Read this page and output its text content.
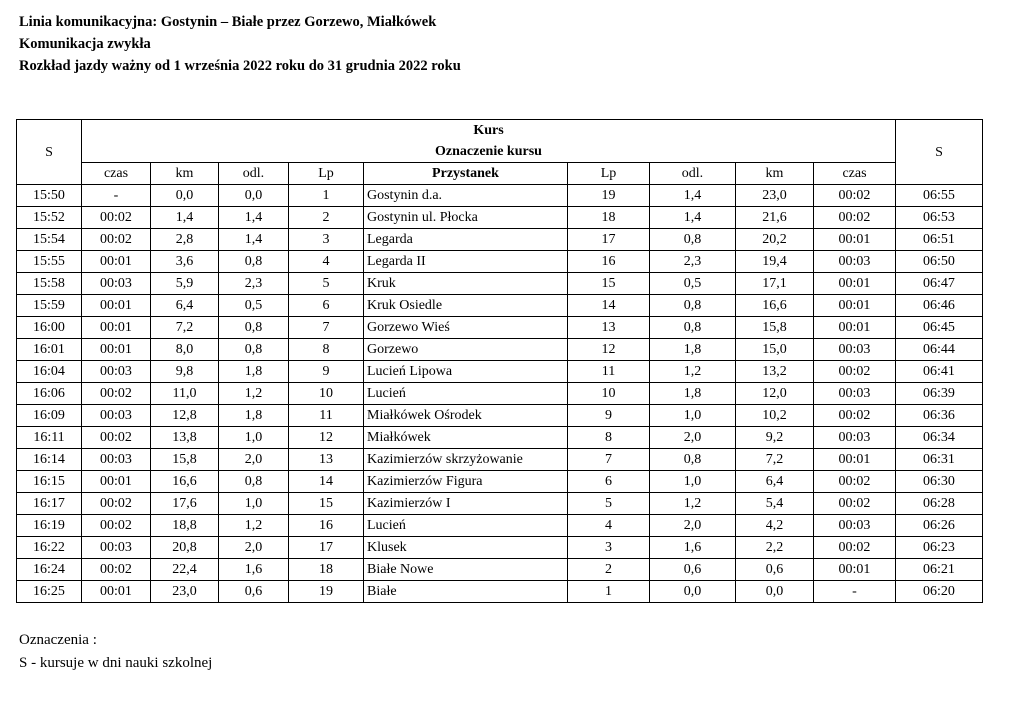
Linia komunikacyjna: Gostynin – Białe przez Gorzewo, Miałkówek
Komunikacja zwykła
Rozkład jazdy ważny od 1 września 2022 roku do 31 grudnia 2022 roku
S	Kurs									S
	Oznaczenie kursu									
	czas	km	odl.	Lp	Przystanek	Lp	odl.	km	czas	
15:50	-	0,0	0,0	1	Gostynin d.a.	19	1,4	23,0	00:02	06:55
15:52	00:02	1,4	1,4	2	Gostynin ul. Płocka	18	1,4	21,6	00:02	06:53
15:54	00:02	2,8	1,4	3	Legarda	17	0,8	20,2	00:01	06:51
15:55	00:01	3,6	0,8	4	Legarda II	16	2,3	19,4	00:03	06:50
15:58	00:03	5,9	2,3	5	Kruk	15	0,5	17,1	00:01	06:47
15:59	00:01	6,4	0,5	6	Kruk Osiedle	14	0,8	16,6	00:01	06:46
16:00	00:01	7,2	0,8	7	Gorzewo Wieś	13	0,8	15,8	00:01	06:45
16:01	00:01	8,0	0,8	8	Gorzewo	12	1,8	15,0	00:03	06:44
16:04	00:03	9,8	1,8	9	Lucień Lipowa	11	1,2	13,2	00:02	06:41
16:06	00:02	11,0	1,2	10	Lucień	10	1,8	12,0	00:03	06:39
16:09	00:03	12,8	1,8	11	Miałkówek Ośrodek	9	1,0	10,2	00:02	06:36
16:11	00:02	13,8	1,0	12	Miałkówek	8	2,0	9,2	00:03	06:34
16:14	00:03	15,8	2,0	13	Kazimierzów skrzyżowanie	7	0,8	7,2	00:01	06:31
16:15	00:01	16,6	0,8	14	Kazimierzów Figura	6	1,0	6,4	00:02	06:30
16:17	00:02	17,6	1,0	15	Kazimierzów I	5	1,2	5,4	00:02	06:28
16:19	00:02	18,8	1,2	16	Lucień	4	2,0	4,2	00:03	06:26
16:22	00:03	20,8	2,0	17	Klusek	3	1,6	2,2	00:02	06:23
16:24	00:02	22,4	1,6	18	Białe Nowe	2	0,6	0,6	00:01	06:21
16:25	00:01	23,0	0,6	19	Białe	1	0,0	0,0	-	06:20
Oznaczenia :
S - kursuje w dni nauki szkolnej
